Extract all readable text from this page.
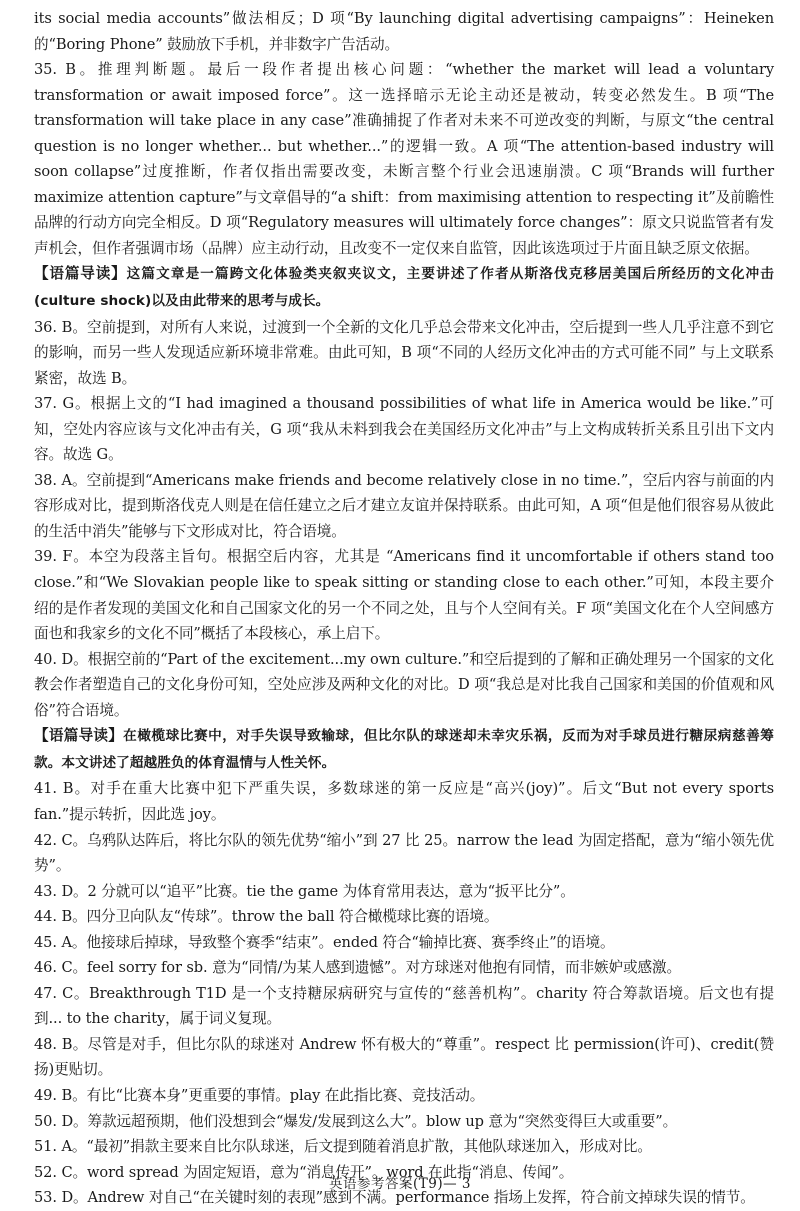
its social media accounts”做法相反；D 项“By launching digital advertising campaigns”：Heineken 的“Boring Phone” 鼓励放下手机，并非数字广告活动。

35. B。推理判断题。最后一段作者提出核心问题：“whether the market will lead a voluntary transformation or await imposed force”。这一选择暗示无论主动还是被动，转变必然发生。B 项“The transformation will take place in any case”准确捕捉了作者对未来不可逆改变的判断，与原文“the central question is no longer whether... but whether...”的逻辑一致。A 项“The attention-based industry will soon collapse”过度推断，作者仅指出需要改变，未断言整个行业会迅速崩溃。C 项“Brands will further maximize attention capture”与文章倡导的“a shift：from maximising attention to respecting it”及前瞻性品牌的行动方向完全相反。D 项“Regulatory measures will ultimately force changes”：原文只说监管者有发声机会，但作者强调市场（品牌）应主动行动，且改变不一定仅来自监管，因此该选项过于片面且缺乏原文依据。

【语篇导读】这篇文章是一篇跨文化体验类夹叙夹议文，主要讲述了作者从斯洛伐克移居美国后所经历的文化冲击(culture shock)以及由此带来的思考与成长。

36. B。空前提到，对所有人来说，过渡到一个全新的文化几乎总会带来文化冲击，空后提到一些人几乎注意不到它的影响，而另一些人发现适应新环境非常难。由此可知，B 项“不同的人经历文化冲击的方式可能不同” 与上文联系紧密，故选 B。

37. G。根据上文的“I had imagined a thousand possibilities of what life in America would be like.”可知，空处内容应该与文化冲击有关，G 项“我从未料到我会在美国经历文化冲击”与上文构成转折关系且引出下文内容。故选 G。

38. A。空前提到“Americans make friends and become relatively close in no time.”，空后内容与前面的内容形成对比，提到斯洛伐克人则是在信任建立之后才建立友谊并保持联系。由此可知，A 项“但是他们很容易从彼此的生活中消失”能够与下文形成对比，符合语境。

39. F。本空为段落主旨句。根据空后内容，尤其是 “Americans find it uncomfortable if others stand too close.”和“We Slovakian people like to speak sitting or standing close to each other.”可知，本段主要介绍的是作者发现的美国文化和自己国家文化的另一个不同之处，且与个人空间有关。F 项“美国文化在个人空间感方面也和我家乡的文化不同”概括了本段核心，承上启下。

40. D。根据空前的“Part of the excitement...my own culture.”和空后提到的了解和正确处理另一个国家的文化教会作者塑造自己的文化身份可知，空处应涉及两种文化的对比。D 项“我总是对比我自己国家和美国的价值观和风俗”符合语境。

【语篇导读】在橄榄球比赛中，对手失误导致输球，但比尔队的球迷却未幸灾乐祸，反而为对手球员进行糖尿病慈善筹款。本文讲述了超越胜负的体育温情与人性关怀。

41. B。对手在重大比赛中犯下严重失误，多数球迷的第一反应是“高兴(joy)”。后文“But not every sports fan.”提示转折，因此选 joy。

42. C。乌鸦队达阵后，将比尔队的领先优势“缩小”到 27 比 25。narrow the lead 为固定搭配，意为“缩小领先优势”。

43. D。2 分就可以“追平”比赛。tie the game 为体育常用表达，意为“扳平比分”。

44. B。四分卫向队友“传球”。throw the ball 符合橄榄球比赛的语境。

45. A。他接球后掉球，导致整个赛季“结束”。ended 符合“输掉比赛、赛季终止”的语境。

46. C。feel sorry for sb. 意为“同情/为某人感到遗憾”。对方球迷对他抱有同情，而非嫉妒或感激。

47. C。Breakthrough T1D 是一个支持糖尿病研究与宣传的“慈善机构”。charity 符合筹款语境。后文也有提到... to the charity，属于词义复现。

48. B。尽管是对手，但比尔队的球迷对 Andrew 怀有极大的“尊重”。respect 比 permission(许可)、credit(赞扬)更贴切。

49. B。有比“比赛本身”更重要的事情。play 在此指比赛、竞技活动。

50. D。筹款远超预期，他们没想到会“爆发/发展到这么大”。blow up 意为“突然变得巨大或重要”。

51. A。“最初”捐款主要来自比尔队球迷，后文提到随着消息扩散，其他队球迷加入，形成对比。

52. C。word spread 为固定短语，意为“消息传开”。word 在此指“消息、传闻”。

53. D。Andrew 对自己“在关键时刻的表现”感到不满。performance 指场上发挥，符合前文掉球失误的情节。

英语参考答案(T9)— 3
